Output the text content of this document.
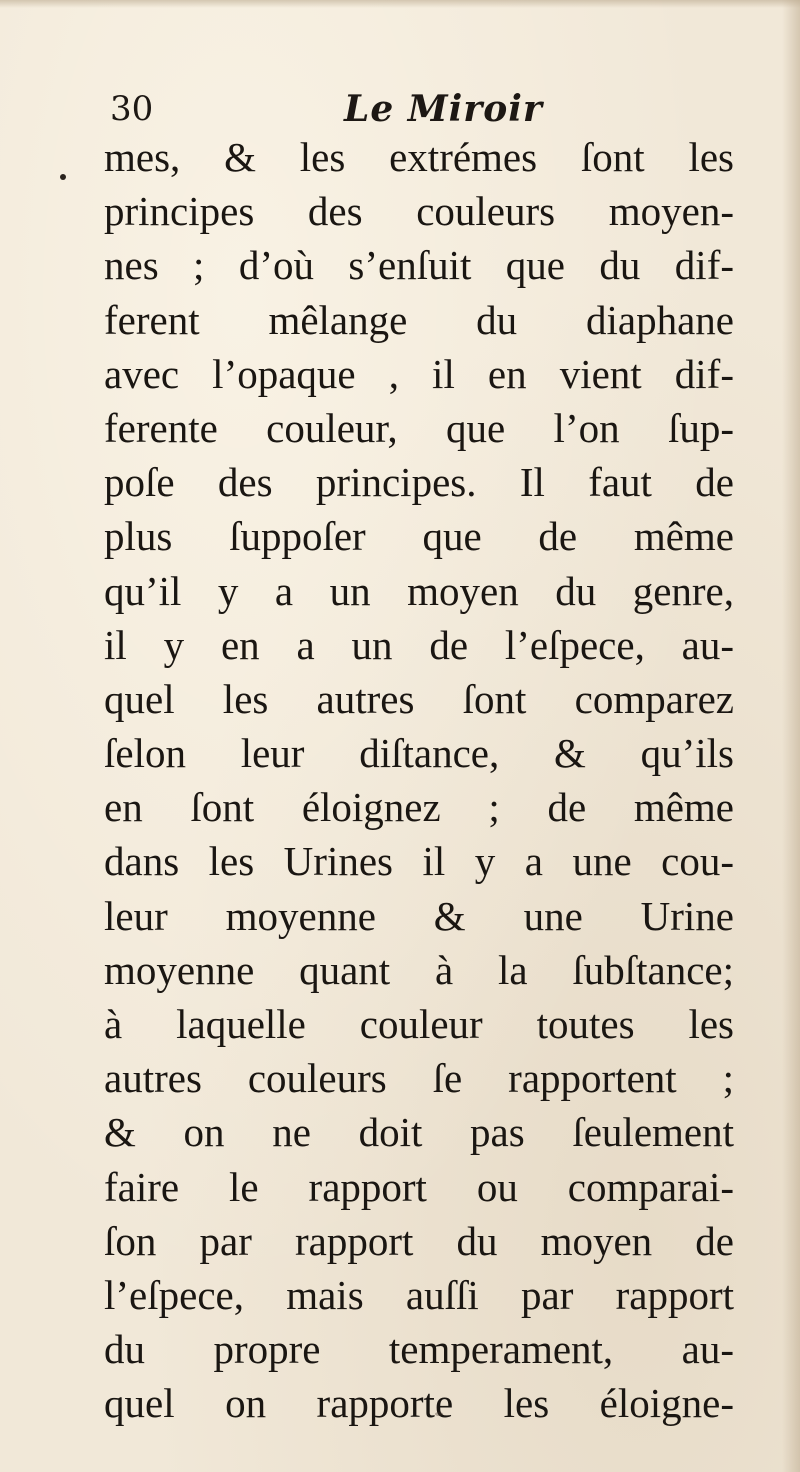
30	Le Miroir
mes, & les extrémes ſont les
principes des couleurs moyen-
nes ; d’où s’enſuit que du dif-
ferent mêlange du diaphane
avec l’opaque , il en vient dif-
ferente couleur, que l’on ſup-
poſe des principes. Il faut de
plus ſuppoſer que de même
qu’il y a un moyen du genre,
il y en a un de l’eſpece, au-
quel les autres ſont comparez
ſelon leur diſtance, & qu’ils
en ſont éloignez ; de même
dans les Urines il y a une cou-
leur moyenne & une Urine
moyenne quant à la ſubſtance;
à laquelle couleur toutes les
autres couleurs ſe rapportent ;
& on ne doit pas ſeulement
faire le rapport ou comparai-
ſon par rapport du moyen de
l’eſpece, mais auſſi par rapport
du propre temperament, au-
quel on rapporte les éloigne-
